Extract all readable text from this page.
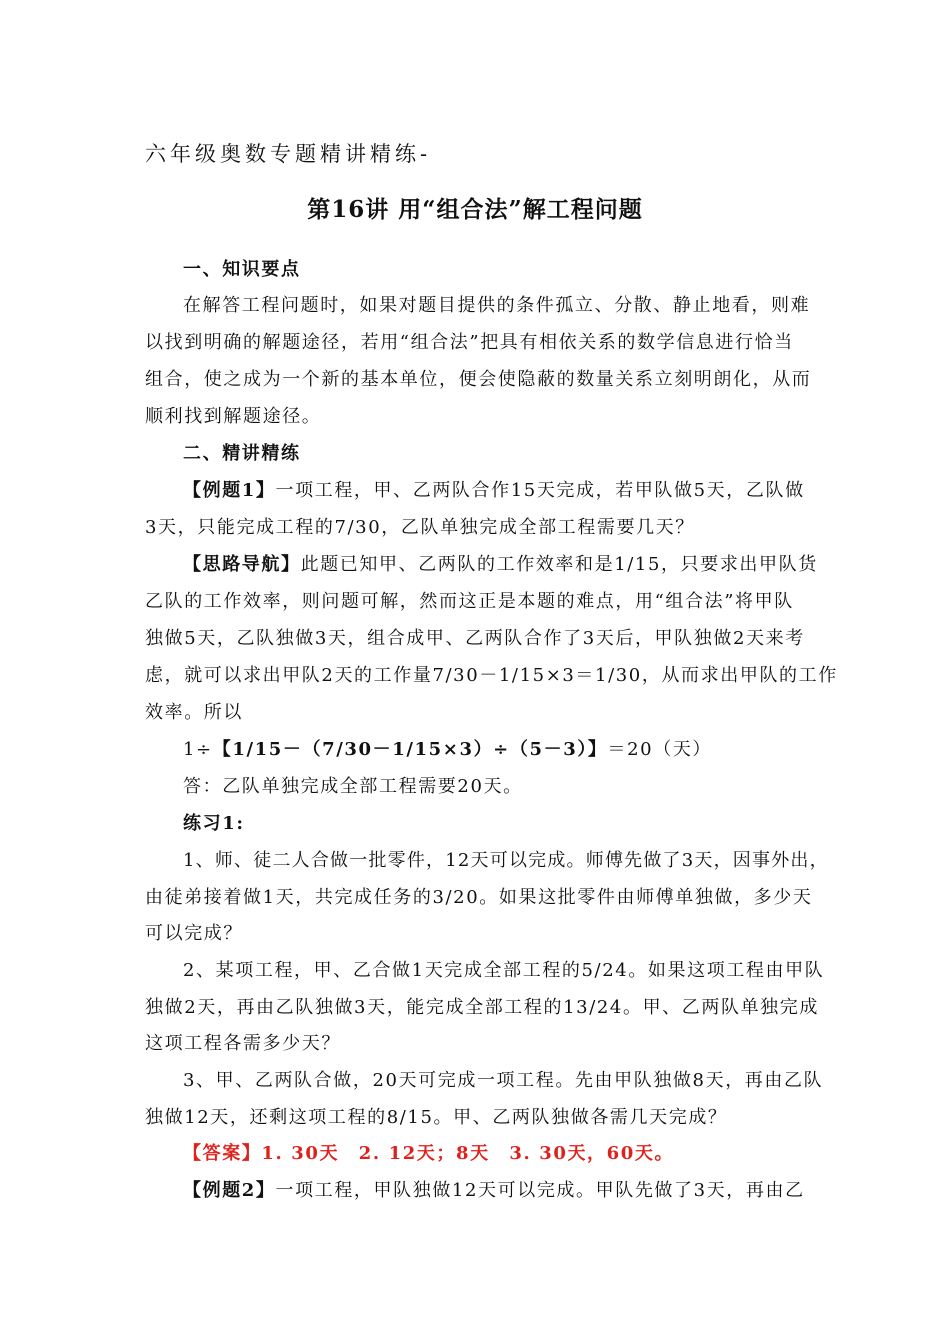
六年级奥数专题精讲精练-
第16讲 用“组合法”解工程问题
一、知识要点
在解答工程问题时，如果对题目提供的条件孤立、分散、静止地看，则难
以找到明确的解题途径，若用“组合法”把具有相依关系的数学信息进行恰当
组合，使之成为一个新的基本单位，便会使隐蔽的数量关系立刻明朗化，从而
顺利找到解题途径。
二、精讲精练
【例题1】一项工程，甲、乙两队合作15天完成，若甲队做5天，乙队做
3天，只能完成工程的7/30，乙队单独完成全部工程需要几天？
【思路导航】此题已知甲、乙两队的工作效率和是1/15，只要求出甲队货
乙队的工作效率，则问题可解，然而这正是本题的难点，用“组合法”将甲队
独做5天，乙队独做3天，组合成甲、乙两队合作了3天后，甲队独做2天来考
虑，就可以求出甲队2天的工作量7/30－1/15×3＝1/30，从而求出甲队的工作
效率。所以
1÷【1/15－（7/30－1/15×3）÷（5－3）】＝20（天）
答：乙队单独完成全部工程需要20天。
练习1:
1、师、徒二人合做一批零件，12天可以完成。师傅先做了3天，因事外出，
由徒弟接着做1天，共完成任务的3/20。如果这批零件由师傅单独做，多少天
可以完成？
2、某项工程，甲、乙合做1天完成全部工程的5/24。如果这项工程由甲队
独做2天，再由乙队独做3天，能完成全部工程的13/24。甲、乙两队单独完成
这项工程各需多少天？
3、甲、乙两队合做，20天可完成一项工程。先由甲队独做8天，再由乙队
独做12天，还剩这项工程的8/15。甲、乙两队独做各需几天完成？
【答案】1. 30天　2. 12天；8天　3. 30天，60天。
【例题2】一项工程，甲队独做12天可以完成。甲队先做了3天，再由乙
